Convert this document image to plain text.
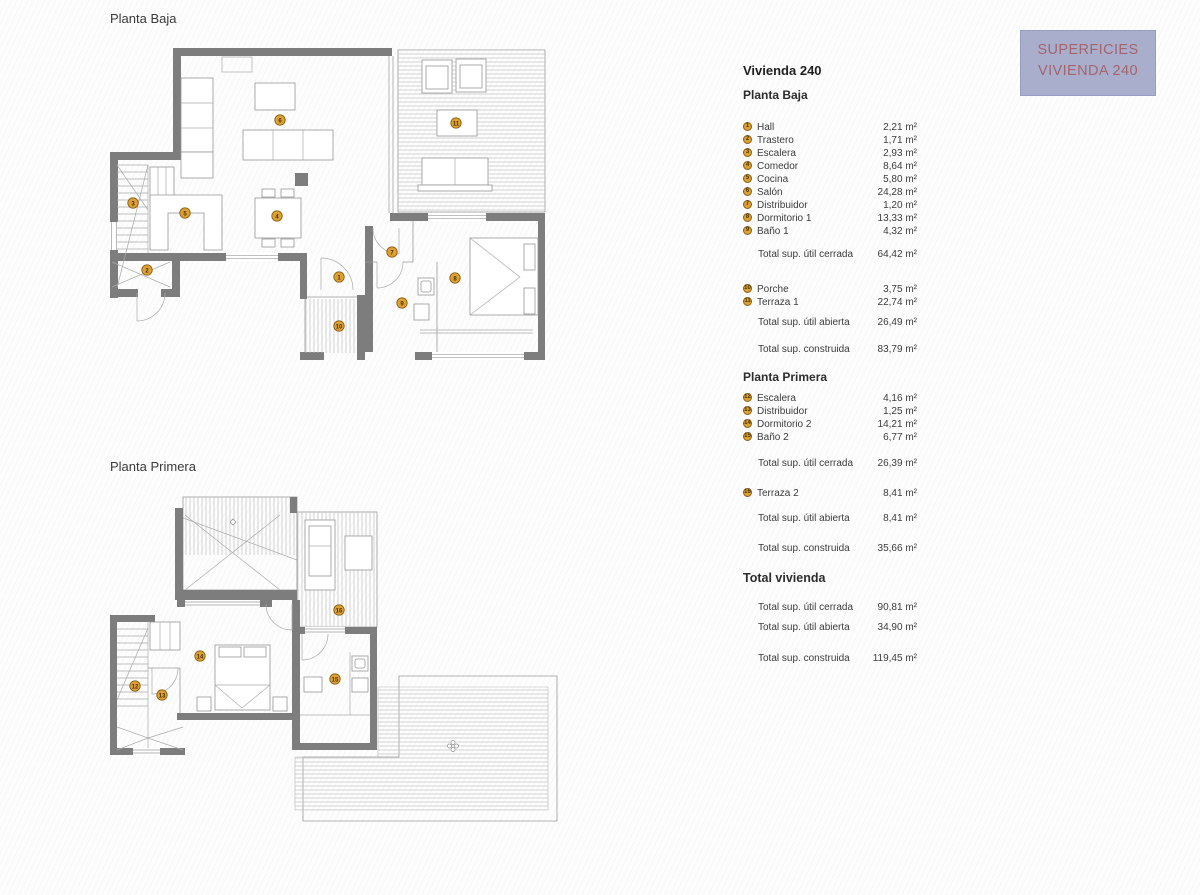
Planta Baja
Planta Primera
1
2
3
4
5
6
7
8
9
10
11
12
13
14
15
16
Vivienda 240
Planta Baja
1 Hall	2,21 m²
2 Trastero	1,71 m²
3 Escalera	2,93 m²
4 Comedor	8,64 m²
5 Cocina	5,80 m²
6 Salón	24,28 m²
7 Distribuidor	1,20 m²
8 Dormitorio 1	13,33 m²
9 Baño 1	4,32 m²
Total sup. útil cerrada 64,42 m²
10 Porche	3,75 m²
11 Terraza 1	22,74 m²
Total sup. útil abierta	26,49 m²
Total sup. construida	83,79 m²
Planta Primera
12 Escalera	4,16 m²
13 Distribuidor	1,25 m²
14 Dormitorio 2	14,21 m²
15 Baño 2	6,77 m²
Total sup. útil cerrada 26,39 m²
16 Terraza 2	8,41 m²
Total sup. útil abierta	8,41 m²
Total sup. construida	35,66 m²
Total vivienda
Total sup. útil cerrada 90,81 m²
Total sup. útil abierta	34,90 m²
Total sup. construida 119,45 m²
SUPERFICIES
VIVIENDA 240
